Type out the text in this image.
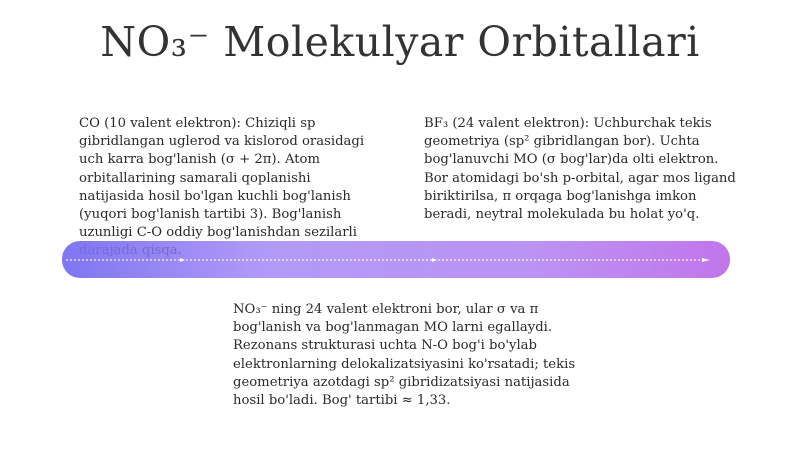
NO₃⁻ Molekulyar Orbitallari

CO (10 valent elektron): Chiziqli sp gibridlangan uglerod va kislorod orasidagi uch karra bog'lanish (σ + 2π). Atom orbitallarining samarali qoplanishi natijasida hosil bo'lgan kuchli bog'lanish (yuqori bog'lanish tartibi 3). Bog'lanish uzunligi C-O oddiy bog'lanishdan sezilarli

BF₃ (24 valent elektron): Uchburchak tekis geometriya (sp² gibridlangan bor). Uchta bog'lanuvchi MO (σ bog'lar)da olti elektron. Bor atomidagi bo'sh p-orbital, agar mos ligand biriktirilsa, π orqaga bog'lanishga imkon beradi, neytral molekulada bu holat yo'q.

NO₃⁻ ning 24 valent elektroni bor, ular σ va π bog'lanish va bog'lanmagan MO larni egallaydi. Rezonans strukturasi uchta N-O bog'i bo'ylab elektronlarning delokalizatsiyasini ko'rsatadi; tekis geometriya azotdagi sp² gibridizatsiyasi natijasida hosil bo'ladi. Bog' tartibi ≈ 1,33.
